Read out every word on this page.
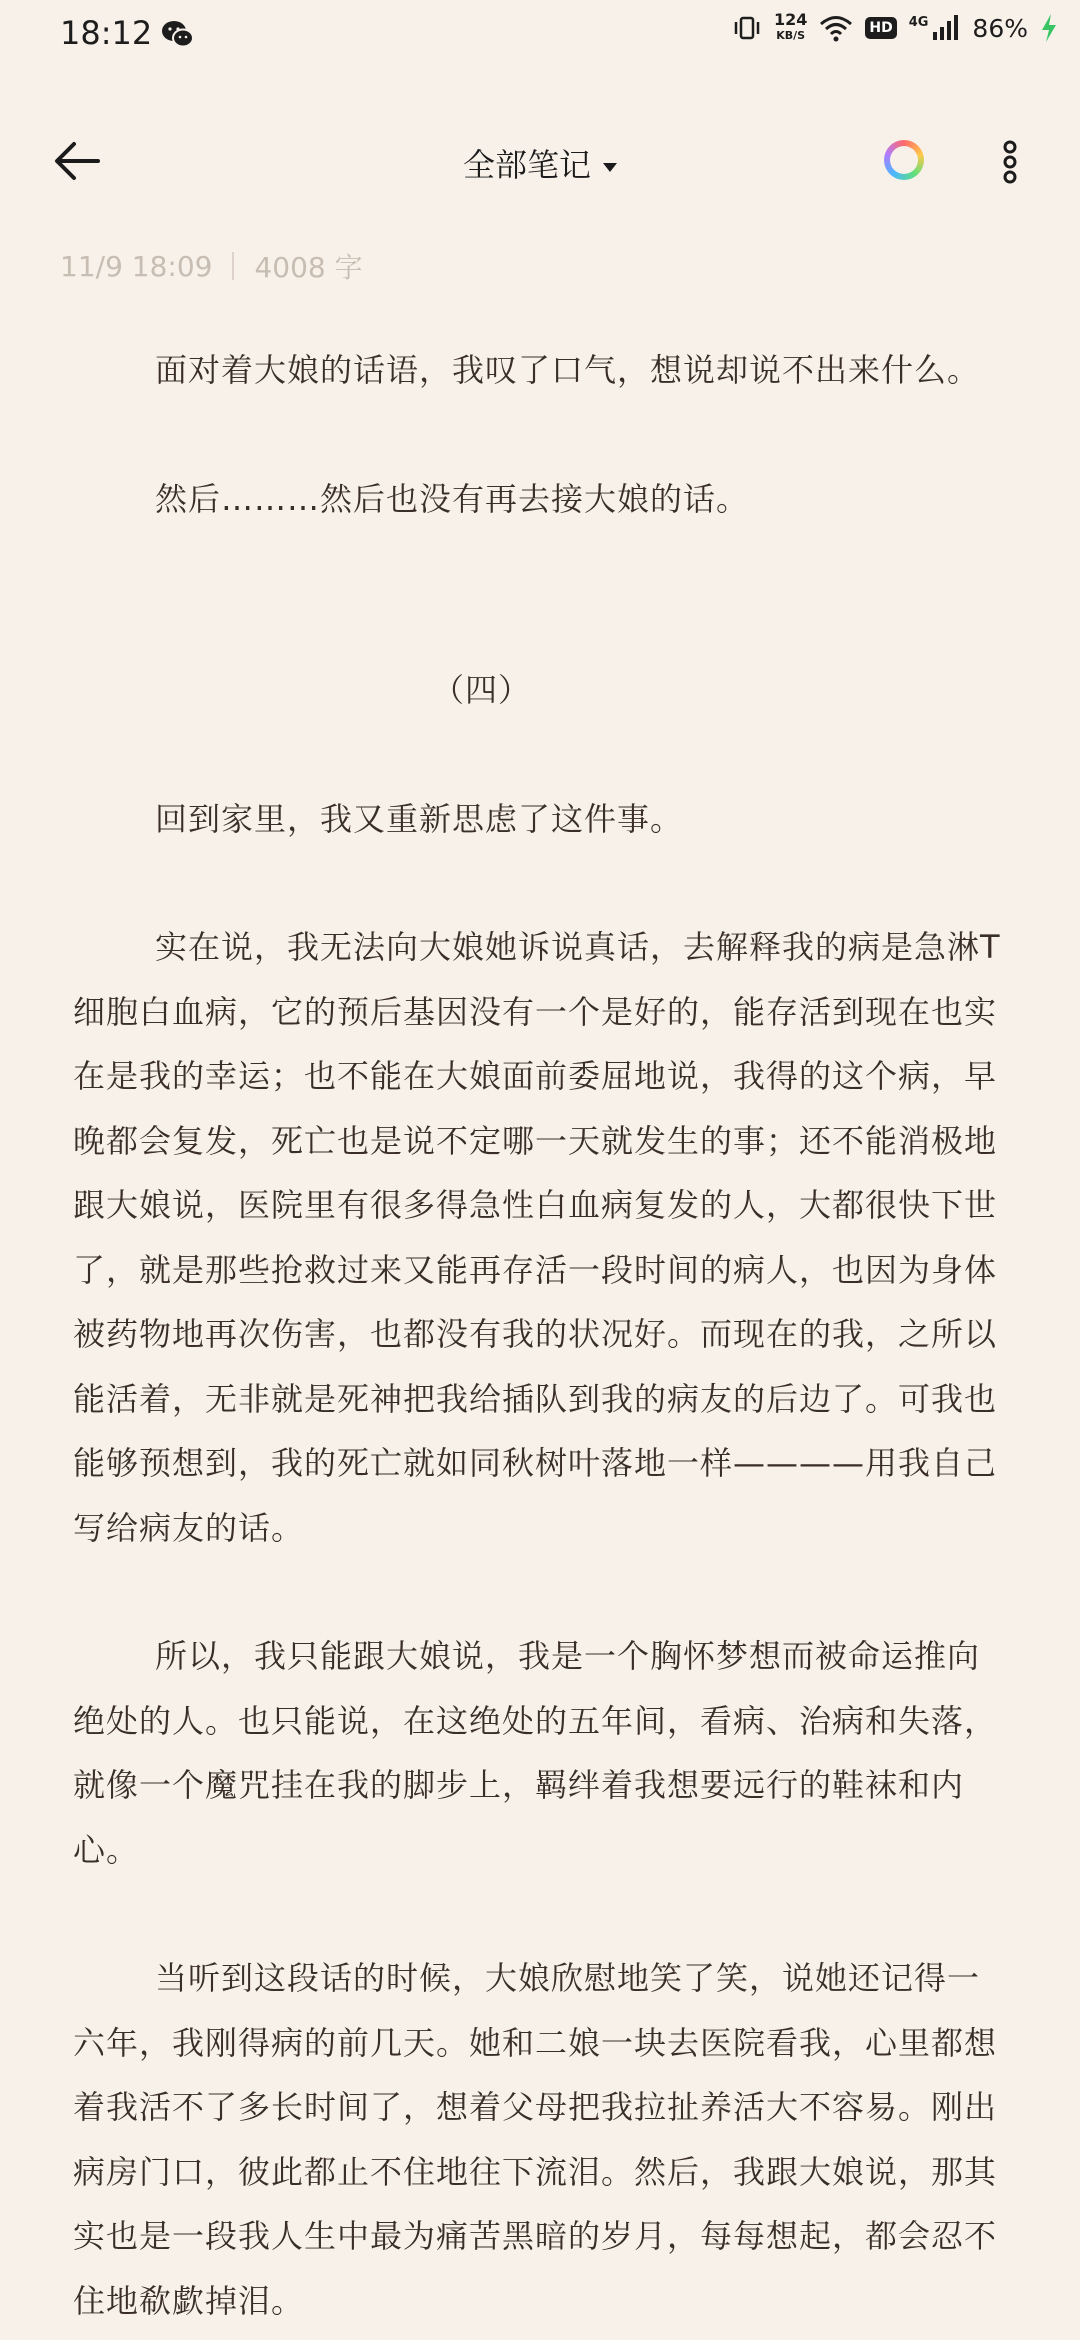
18:12	124
KB/S	HD	4G 86%
全部笔记
11/9 18:09 4008 字

面对着大娘的话语，我叹了口气，想说却说不出来什么。

然后………然后也没有再去接大娘的话。

（四）

回到家里，我又重新思虑了这件事。

实在说，我无法向大娘她诉说真话，去解释我的病是急淋T细胞白血病，它的预后基因没有一个是好的，能存活到现在也实在是我的幸运；也不能在大娘面前委屈地说，我得的这个病，早晚都会复发，死亡也是说不定哪一天就发生的事；还不能消极地跟大娘说，医院里有很多得急性白血病复发的人，大都很快下世了，就是那些抢救过来又能再存活一段时间的病人，也因为身体被药物地再次伤害，也都没有我的状况好。而现在的我，之所以能活着，无非就是死神把我给插队到我的病友的后边了。可我也能够预想到，我的死亡就如同秋树叶落地一样————用我自己写给病友的话。

所以，我只能跟大娘说，我是一个胸怀梦想而被命运推向绝处的人。也只能说，在这绝处的五年间，看病、治病和失落，就像一个魔咒挂在我的脚步上，羁绊着我想要远行的鞋袜和内心。

当听到这段话的时候，大娘欣慰地笑了笑，说她还记得一六年，我刚得病的前几天。她和二娘一块去医院看我，心里都想着我活不了多长时间了，想着父母把我拉扯养活大不容易。刚出病房门口，彼此都止不住地往下流泪。然后，我跟大娘说，那其实也是一段我人生中最为痛苦黑暗的岁月，每每想起，都会忍不住地欷歔掉泪。
